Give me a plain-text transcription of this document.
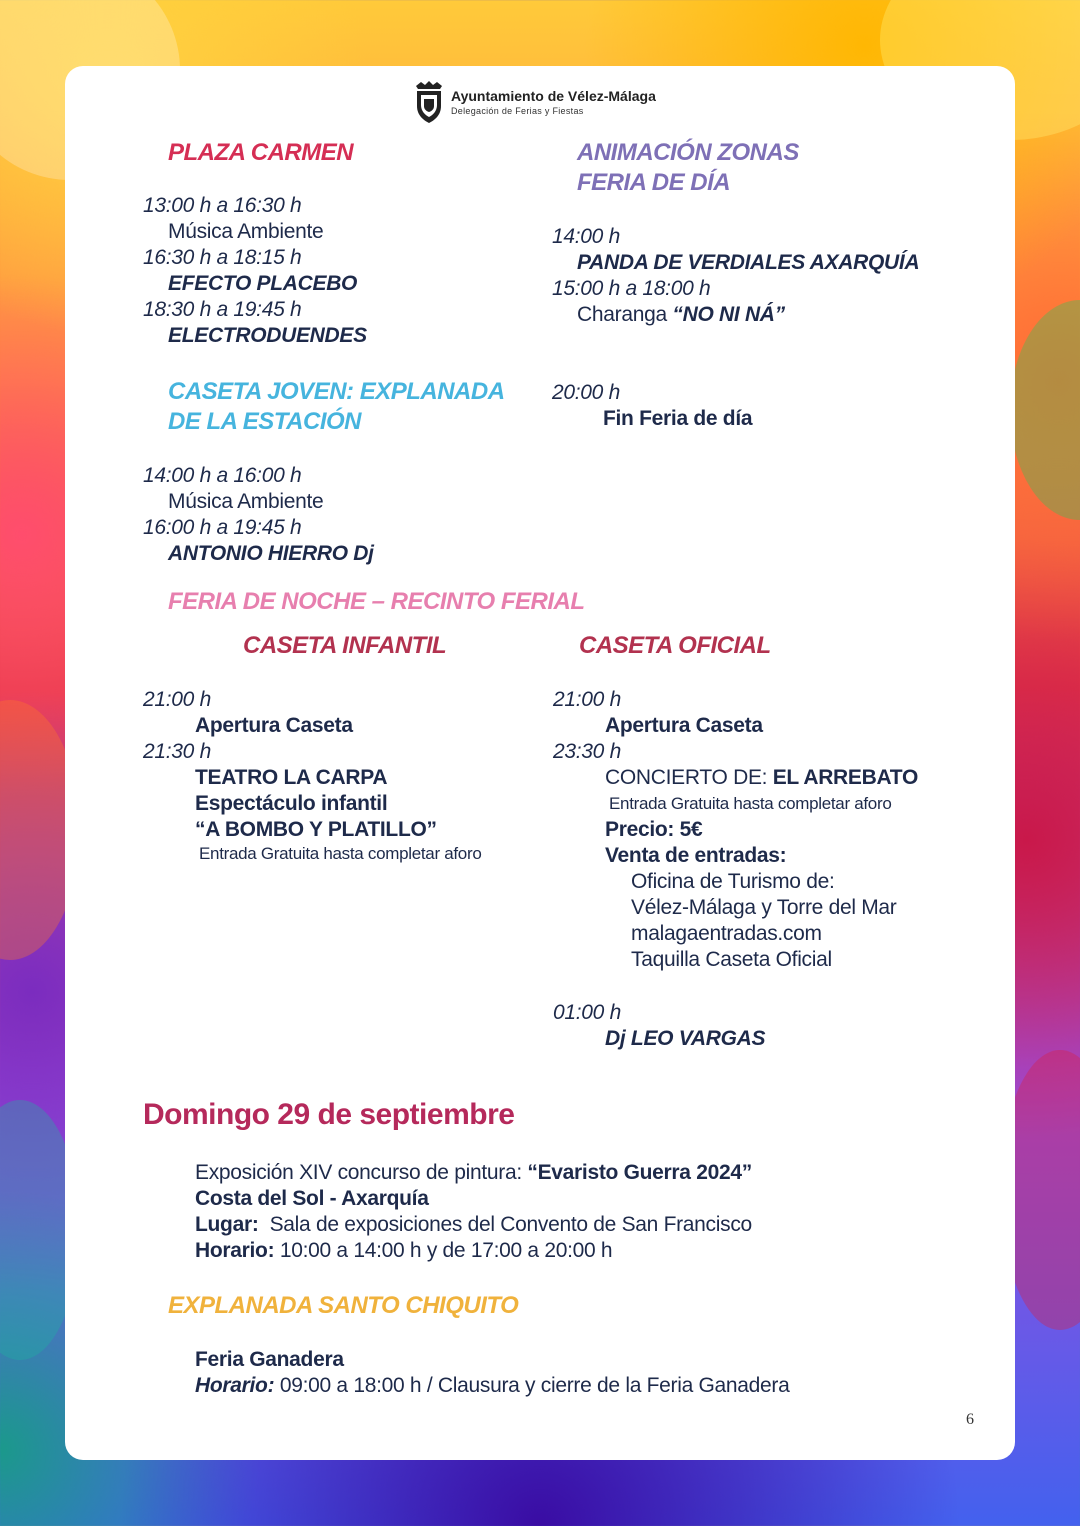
Ayuntamiento de Vélez-Málaga
Delegación de Ferias y Fiestas
PLAZA CARMEN
13:00 h a 16:30 h
Música Ambiente
16:30 h a 18:15 h
EFECTO PLACEBO
18:30 h a 19:45 h
ELECTRODUENDES
ANIMACIÓN ZONAS
FERIA DE DÍA
14:00 h
PANDA DE VERDIALES AXARQUÍA
15:00 h a 18:00 h
Charanga “NO NI NÁ”
20:00 h
Fin Feria de día
CASETA JOVEN: EXPLANADA
DE LA ESTACIÓN
14:00 h a 16:00 h
Música Ambiente
16:00 h a 19:45 h
ANTONIO HIERRO Dj
FERIA DE NOCHE – RECINTO FERIAL
CASETA INFANTIL
21:00 h
Apertura Caseta
21:30 h
TEATRO LA CARPA
Espectáculo infantil
“A BOMBO Y PLATILLO”
Entrada Gratuita hasta completar aforo
CASETA OFICIAL
21:00 h
Apertura Caseta
23:30 h
CONCIERTO DE: EL ARREBATO
Entrada Gratuita hasta completar aforo
Precio: 5€
Venta de entradas:
Oficina de Turismo de:
Vélez-Málaga y Torre del Mar
malagaentradas.com
Taquilla Caseta Oficial
01:00 h
Dj LEO VARGAS
Domingo 29 de septiembre
Exposición XIV concurso de pintura: “Evaristo Guerra 2024”
Costa del Sol - Axarquía
Lugar:  Sala de exposiciones del Convento de San Francisco
Horario: 10:00 a 14:00 h y de 17:00 a 20:00 h
EXPLANADA SANTO CHIQUITO
Feria Ganadera
Horario: 09:00 a 18:00 h / Clausura y cierre de la Feria Ganadera
6
